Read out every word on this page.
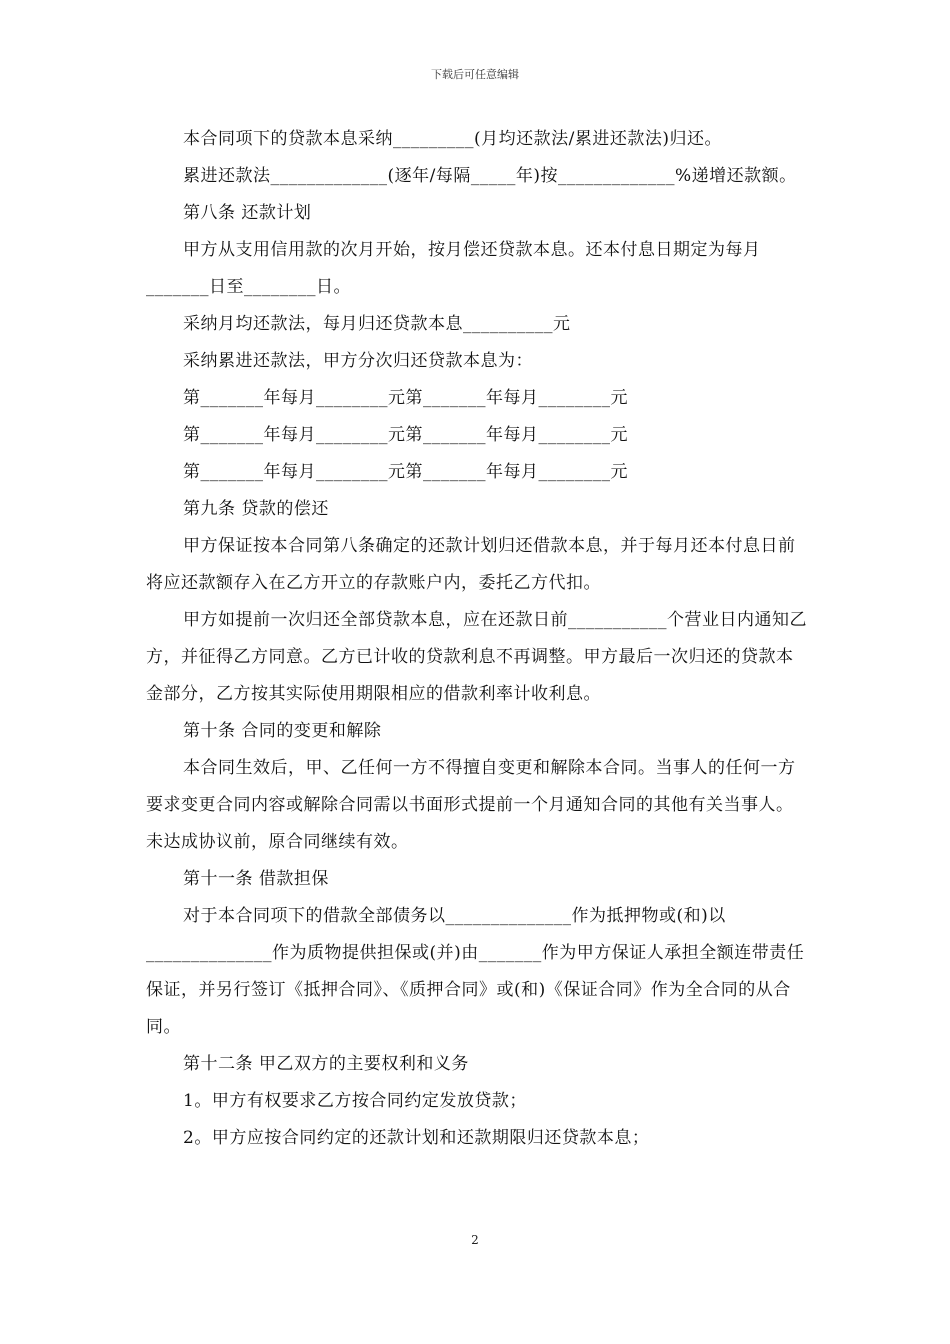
下载后可任意编辑

本合同项下的贷款本息采纳_________(月均还款法/累进还款法)归还。

累进还款法_____________(逐年/每隔_____年)按_____________%递增还款额。

第八条 还款计划

甲方从支用信用款的次月开始，按月偿还贷款本息。还本付息日期定为每月_______日至________日。

采纳月均还款法，每月归还贷款本息__________元

采纳累进还款法，甲方分次归还贷款本息为：

第_______年每月________元第_______年每月________元

第_______年每月________元第_______年每月________元

第_______年每月________元第_______年每月________元

第九条 贷款的偿还

甲方保证按本合同第八条确定的还款计划归还借款本息，并于每月还本付息日前将应还款额存入在乙方开立的存款账户内，委托乙方代扣。

甲方如提前一次归还全部贷款本息，应在还款日前___________个营业日内通知乙方，并征得乙方同意。乙方已计收的贷款利息不再调整。甲方最后一次归还的贷款本金部分，乙方按其实际使用期限相应的借款利率计收利息。

第十条 合同的变更和解除

本合同生效后，甲、乙任何一方不得擅自变更和解除本合同。当事人的任何一方要求变更合同内容或解除合同需以书面形式提前一个月通知合同的其他有关当事人。未达成协议前，原合同继续有效。

第十一条 借款担保

对于本合同项下的借款全部债务以______________作为抵押物或(和)以______________作为质物提供担保或(并)由_______作为甲方保证人承担全额连带责任保证，并另行签订《抵押合同》、《质押合同》或(和)《保证合同》作为全合同的从合同。

第十二条 甲乙双方的主要权利和义务

1。甲方有权要求乙方按合同约定发放贷款；

2。甲方应按合同约定的还款计划和还款期限归还贷款本息；

2
